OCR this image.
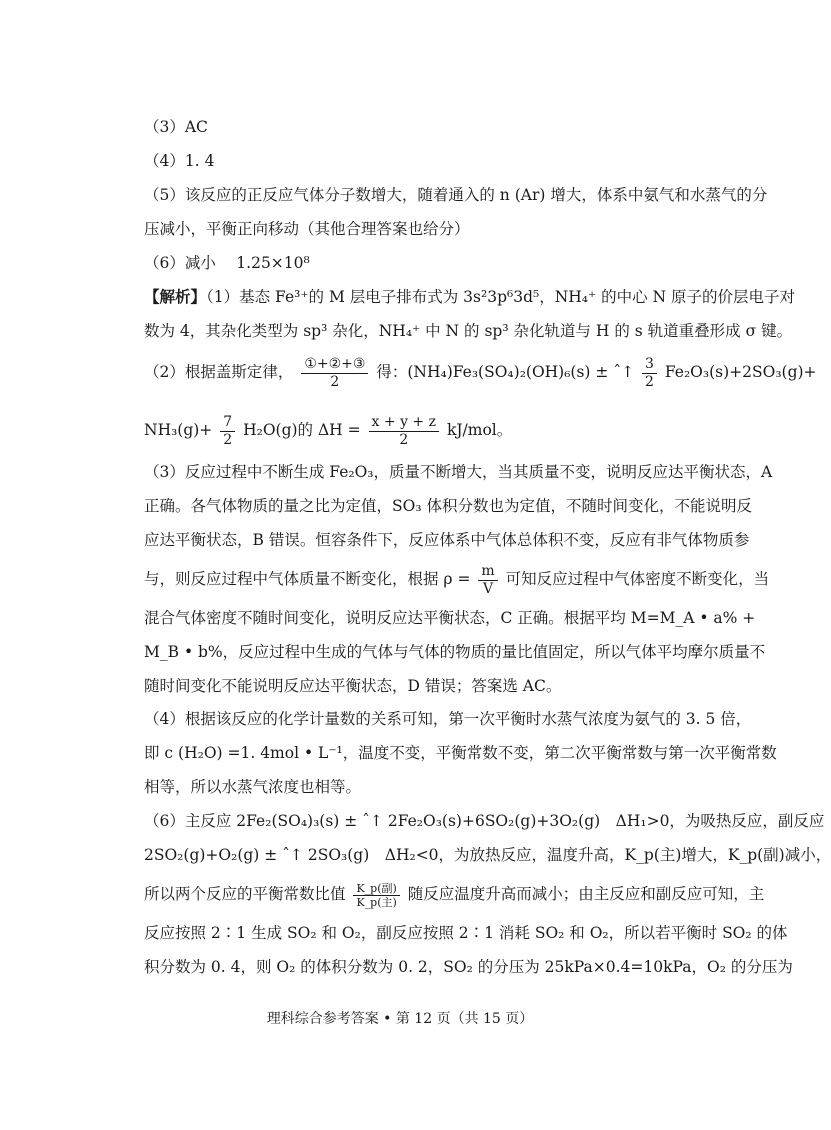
（3）AC

（4）1. 4

（5）该反应的正反应气体分子数增大，随着通入的 n (Ar) 增大，体系中氨气和水蒸气的分

压减小，平衡正向移动（其他合理答案也给分）

（6）减小　 1.25×10⁸

【解析】（1）基态 Fe³⁺的 M 层电子排布式为 3s²3p⁶3d⁵，NH₄⁺ 的中心 N 原子的价层电子对

数为 4，其杂化类型为 sp³ 杂化，NH₄⁺ 中 N 的 sp³ 杂化轨道与 H 的 s 轨道重叠形成 σ 键。

（2）根据盖斯定律， $\frac{\text{①+②+③}}{2}$ 得：(NH₄)Fe₃(SO₄)₂(OH)₆(s) ± ˆ↑ $\frac{3}{2} Fe_2O_3(s)+2SO_3(g)+$

$NH_3(g)+ \frac{7}{2} H_2O(g)$的 $\Delta H = \frac{x + y + z}{2} kJ/mol$。

（3）反应过程中不断生成 Fe₂O₃，质量不断增大，当其质量不变，说明反应达平衡状态，A

正确。各气体物质的量之比为定值，SO₃ 体积分数也为定值，不随时间变化，不能说明反

应达平衡状态，B 错误。恒容条件下，反应体系中气体总体积不变，反应有非气体物质参

与，则反应过程中气体质量不断变化，根据 $\rho = \frac{m}{V}$ 可知反应过程中气体密度不断变化，当

混合气体密度不随时间变化，说明反应达平衡状态，C 正确。根据平均 M=M_A • a% +

M_B • b%，反应过程中生成的气体与气体的物质的量比值固定，所以气体平均摩尔质量不

随时间变化不能说明反应达平衡状态，D 错误；答案选 AC。

（4）根据该反应的化学计量数的关系可知，第一次平衡时水蒸气浓度为氨气的 3. 5 倍，

即 c (H₂O) =1. 4mol • L⁻¹，温度不变，平衡常数不变，第二次平衡常数与第一次平衡常数

相等，所以水蒸气浓度也相等。

（6）主反应 2Fe₂(SO₄)₃(s) ± ˆ↑ 2Fe₂O₃(s)+6SO₂(g)+3O₂(g)　ΔH₁>0，为吸热反应，副反应

2SO₂(g)+O₂(g) ± ˆ↑ 2SO₃(g)　ΔH₂<0，为放热反应，温度升高，K_p(主)增大，K_p(副)减小，

所以两个反应的平衡常数比值 $\frac{\text{K\_p(副)}}{\text{K\_p(主)}}$ 随反应温度升高而减小；由主反应和副反应可知，主

反应按照 2∶1 生成 SO₂ 和 O₂，副反应按照 2∶1 消耗 SO₂ 和 O₂，所以若平衡时 SO₂ 的体

积分数为 0. 4，则 O₂ 的体积分数为 0. 2，SO₂ 的分压为 25kPa×0.4=10kPa，O₂ 的分压为

理科综合参考答案 • 第 12 页（共 15 页）
